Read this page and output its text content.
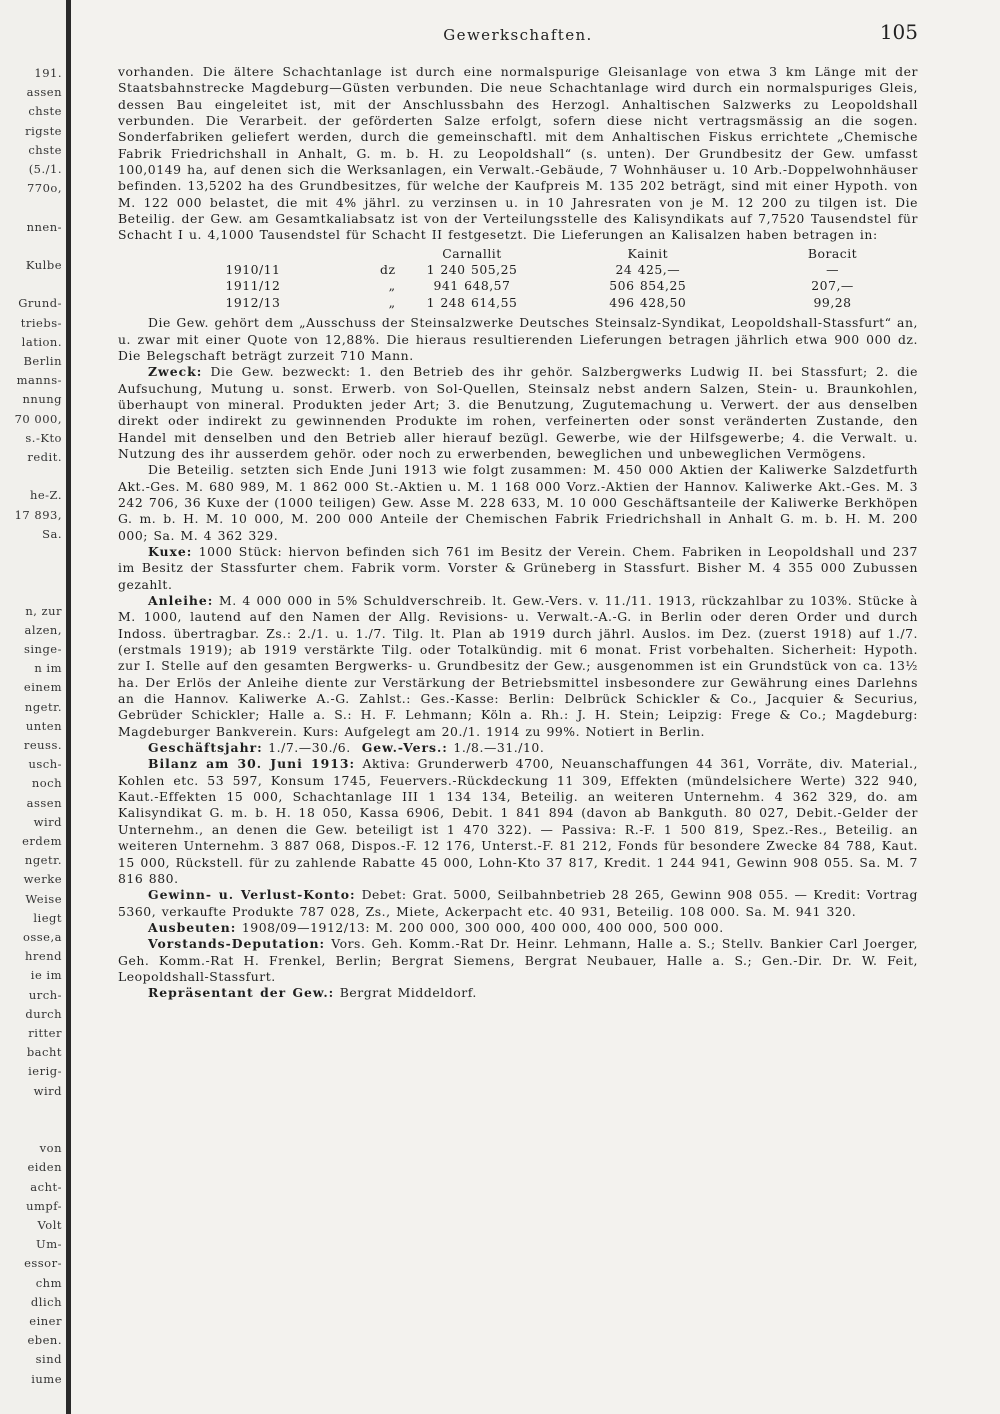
191.
assen
chste
rigste
chste
(5./1.
770o,
nnen-
Kulbe
Grund-
triebs-
lation.
Berlin
manns-
nnung
70 000,
s.-Kto
redit.
he-Z.
17 893,
Sa.
n, zur
alzen,
singe-
n im
einem
ngetr.
unten
reuss.
usch-
noch
assen
wird
erdem
ngetr.
werke
Weise
liegt
osse,a
hrend
ie im
urch-
durch
ritter
bacht
ierig-
wird
von
eiden
acht-
umpf-
Volt
Um-
essor-
chm
dlich
einer
eben.
sind
iume
Gewerkschaften.	105

vorhanden. Die ältere Schachtanlage ist durch eine normalspurige Gleisanlage von etwa 3 km Länge mit der Staatsbahnstrecke Magdeburg—Güsten verbunden. Die neue Schachtanlage wird durch ein normalspuriges Gleis, dessen Bau eingeleitet ist, mit der Anschlussbahn des Herzogl. Anhaltischen Salzwerks zu Leopoldshall verbunden. Die Verarbeit. der geförderten Salze erfolgt, sofern diese nicht vertragsmässig an die sogen. Sonderfabriken geliefert werden, durch die gemeinschaftl. mit dem Anhaltischen Fiskus errichtete „Chemische Fabrik Friedrichshall in Anhalt, G. m. b. H. zu Leopoldshall“ (s. unten). Der Grundbesitz der Gew. umfasst 100,0149 ha, auf denen sich die Werksanlagen, ein Verwalt.-Gebäude, 7 Wohnhäuser u. 10 Arb.-Doppelwohnhäuser befinden. 13,5202 ha des Grundbesitzes, für welche der Kaufpreis M. 135 202 beträgt, sind mit einer Hypoth. von M. 122 000 belastet, die mit 4% jährl. zu verzinsen u. in 10 Jahresraten von je M. 12 200 zu tilgen ist. Die Beteilig. der Gew. am Gesamtkaliabsatz ist von der Verteilungsstelle des Kalisyndikats auf 7,7520 Tausendstel für Schacht I u. 4,1000 Tausendstel für Schacht II festgesetzt. Die Lieferungen an Kalisalzen haben betragen in:

		Carnallit	Kainit	Boracit
1910/11	dz	1 240 505,25	24 425,—	—
1911/12	„	941 648,57	506 854,25	207,—
1912/13	„	1 248 614,55	496 428,50	99,28

Die Gew. gehört dem „Ausschuss der Steinsalzwerke Deutsches Steinsalz-Syndikat, Leopoldshall-Stassfurt“ an, u. zwar mit einer Quote von 12,88%. Die hieraus resultierenden Lieferungen betragen jährlich etwa 900 000 dz. Die Belegschaft beträgt zurzeit 710 Mann.

Zweck: Die Gew. bezweckt: 1. den Betrieb des ihr gehör. Salzbergwerks Ludwig II. bei Stassfurt; 2. die Aufsuchung, Mutung u. sonst. Erwerb. von Sol-Quellen, Steinsalz nebst andern Salzen, Stein- u. Braunkohlen, überhaupt von mineral. Produkten jeder Art; 3. die Benutzung, Zugutemachung u. Verwert. der aus denselben direkt oder indirekt zu gewinnenden Produkte im rohen, verfeinerten oder sonst veränderten Zustande, den Handel mit denselben und den Betrieb aller hierauf bezügl. Gewerbe, wie der Hilfsgewerbe; 4. die Verwalt. u. Nutzung des ihr ausserdem gehör. oder noch zu erwerbenden, beweglichen und unbeweglichen Vermögens.

Die Beteilig. setzten sich Ende Juni 1913 wie folgt zusammen: M. 450 000 Aktien der Kaliwerke Salzdetfurth Akt.-Ges. M. 680 989, M. 1 862 000 St.-Aktien u. M. 1 168 000 Vorz.-Aktien der Hannov. Kaliwerke Akt.-Ges. M. 3 242 706, 36 Kuxe der (1000 teiligen) Gew. Asse M. 228 633, M. 10 000 Geschäftsanteile der Kaliwerke Berkhöpen G. m. b. H. M. 10 000, M. 200 000 Anteile der Chemischen Fabrik Friedrichshall in Anhalt G. m. b. H. M. 200 000; Sa. M. 4 362 329.

Kuxe: 1000 Stück: hiervon befinden sich 761 im Besitz der Verein. Chem. Fabriken in Leopoldshall und 237 im Besitz der Stassfurter chem. Fabrik vorm. Vorster & Grüneberg in Stassfurt. Bisher M. 4 355 000 Zubussen gezahlt.

Anleihe: M. 4 000 000 in 5% Schuldverschreib. lt. Gew.-Vers. v. 11./11. 1913, rückzahlbar zu 103%. Stücke à M. 1000, lautend auf den Namen der Allg. Revisions- u. Verwalt.-A.-G. in Berlin oder deren Order und durch Indoss. übertragbar. Zs.: 2./1. u. 1./7. Tilg. lt. Plan ab 1919 durch jährl. Auslos. im Dez. (zuerst 1918) auf 1./7. (erstmals 1919); ab 1919 verstärkte Tilg. oder Totalkündig. mit 6 monat. Frist vorbehalten. Sicherheit: Hypoth. zur I. Stelle auf den gesamten Bergwerks- u. Grundbesitz der Gew.; ausgenommen ist ein Grundstück von ca. 13½ ha. Der Erlös der Anleihe diente zur Verstärkung der Betriebsmittel insbesondere zur Gewährung eines Darlehns an die Hannov. Kaliwerke A.-G. Zahlst.: Ges.-Kasse: Berlin: Delbrück Schickler & Co., Jacquier & Securius, Gebrüder Schickler; Halle a. S.: H. F. Lehmann; Köln a. Rh.: J. H. Stein; Leipzig: Frege & Co.; Magdeburg: Magdeburger Bankverein. Kurs: Aufgelegt am 20./1. 1914 zu 99%. Notiert in Berlin.

Geschäftsjahr: 1./7.—30./6. Gew.-Vers.: 1./8.—31./10.

Bilanz am 30. Juni 1913: Aktiva: Grunderwerb 4700, Neuanschaffungen 44 361, Vorräte, div. Material., Kohlen etc. 53 597, Konsum 1745, Feuervers.-Rückdeckung 11 309, Effekten (mündelsichere Werte) 322 940, Kaut.-Effekten 15 000, Schachtanlage III 1 134 134, Beteilig. an weiteren Unternehm. 4 362 329, do. am Kalisyndikat G. m. b. H. 18 050, Kassa 6906, Debit. 1 841 894 (davon ab Bankguth. 80 027, Debit.-Gelder der Unternehm., an denen die Gew. beteiligt ist 1 470 322). — Passiva: R.-F. 1 500 819, Spez.-Res., Beteilig. an weiteren Unternehm. 3 887 068, Dispos.-F. 12 176, Unterst.-F. 81 212, Fonds für besondere Zwecke 84 788, Kaut. 15 000, Rückstell. für zu zahlende Rabatte 45 000, Lohn-Kto 37 817, Kredit. 1 244 941, Gewinn 908 055. Sa. M. 7 816 880.

Gewinn- u. Verlust-Konto: Debet: Grat. 5000, Seilbahnbetrieb 28 265, Gewinn 908 055. — Kredit: Vortrag 5360, verkaufte Produkte 787 028, Zs., Miete, Ackerpacht etc. 40 931, Beteilig. 108 000. Sa. M. 941 320.

Ausbeuten: 1908/09—1912/13: M. 200 000, 300 000, 400 000, 400 000, 500 000.

Vorstands-Deputation: Vors. Geh. Komm.-Rat Dr. Heinr. Lehmann, Halle a. S.; Stellv. Bankier Carl Joerger, Geh. Komm.-Rat H. Frenkel, Berlin; Bergrat Siemens, Bergrat Neubauer, Halle a. S.; Gen.-Dir. Dr. W. Feit, Leopoldshall-Stassfurt.

Repräsentant der Gew.: Bergrat Middeldorf.
